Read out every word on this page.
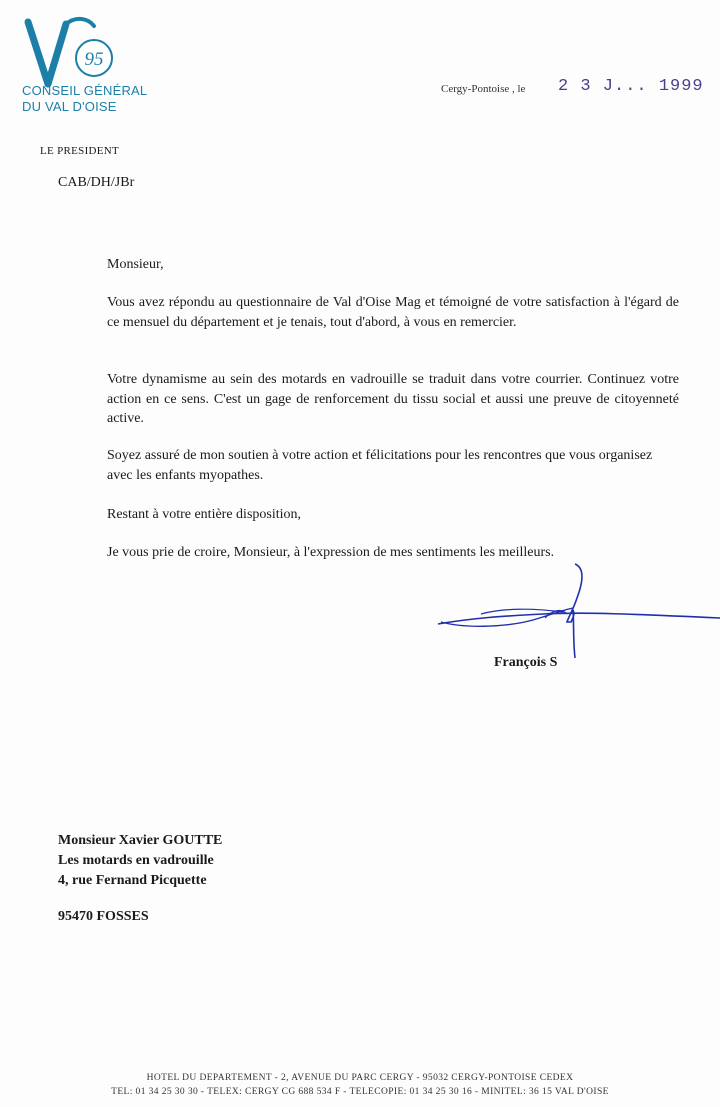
95
CONSEIL GÉNÉRAL
DU VAL D'OISE
Cergy-Pontoise , le 2 3 J... 1999
LE PRESIDENT
CAB/DH/JBr
Monsieur,
Vous avez répondu au questionnaire de Val d'Oise Mag et témoigné de votre satisfaction à l'égard de ce mensuel du département et je tenais, tout d'abord, à vous en remercier.
Votre dynamisme au sein des motards en vadrouille se traduit dans votre courrier. Continuez votre action en ce sens. C'est un gage de renforcement du tissu social et aussi une preuve de citoyenneté active.
Soyez assuré de mon soutien à votre action et félicitations pour les rencontres que vous organisez avec les enfants myopathes.
Restant à votre entière disposition,
Je vous prie de croire, Monsieur, à l'expression de mes sentiments les meilleurs.
François S
Monsieur Xavier GOUTTE
Les motards en vadrouille
4, rue Fernand Picquette
95470 FOSSES
HOTEL DU DEPARTEMENT - 2, AVENUE DU PARC CERGY - 95032 CERGY-PONTOISE CEDEX
TEL: 01 34 25 30 30 - TELEX: CERGY CG 688 534 F - TELECOPIE: 01 34 25 30 16 - MINITEL: 36 15 VAL D'OISE
